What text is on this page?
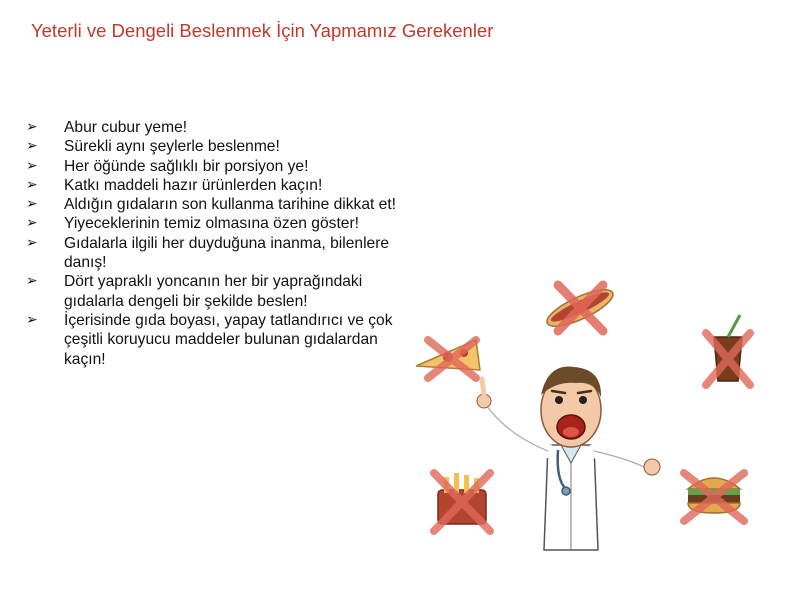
Yeterli ve Dengeli Beslenmek İçin Yapmamız Gerekenler
➢ Abur cubur yeme!
➢ Sürekli aynı şeylerle beslenme!
➢ Her öğünde sağlıklı bir porsiyon ye!
➢ Katkı maddeli hazır ürünlerden kaçın!
➢ Aldığın gıdaların son kullanma tarihine dikkat et!
➢ Yiyeceklerinin temiz olmasına özen göster!
➢ Gıdalarla ilgili her duyduğuna inanma, bilenlere danış!
➢ Dört yapraklı yoncanın her bir yaprağındaki gıdalarla dengeli bir şekilde beslen!
➢ İçerisinde gıda boyası, yapay tatlandırıcı ve çok çeşitli koruyucu maddeler bulunan gıdalardan kaçın!
